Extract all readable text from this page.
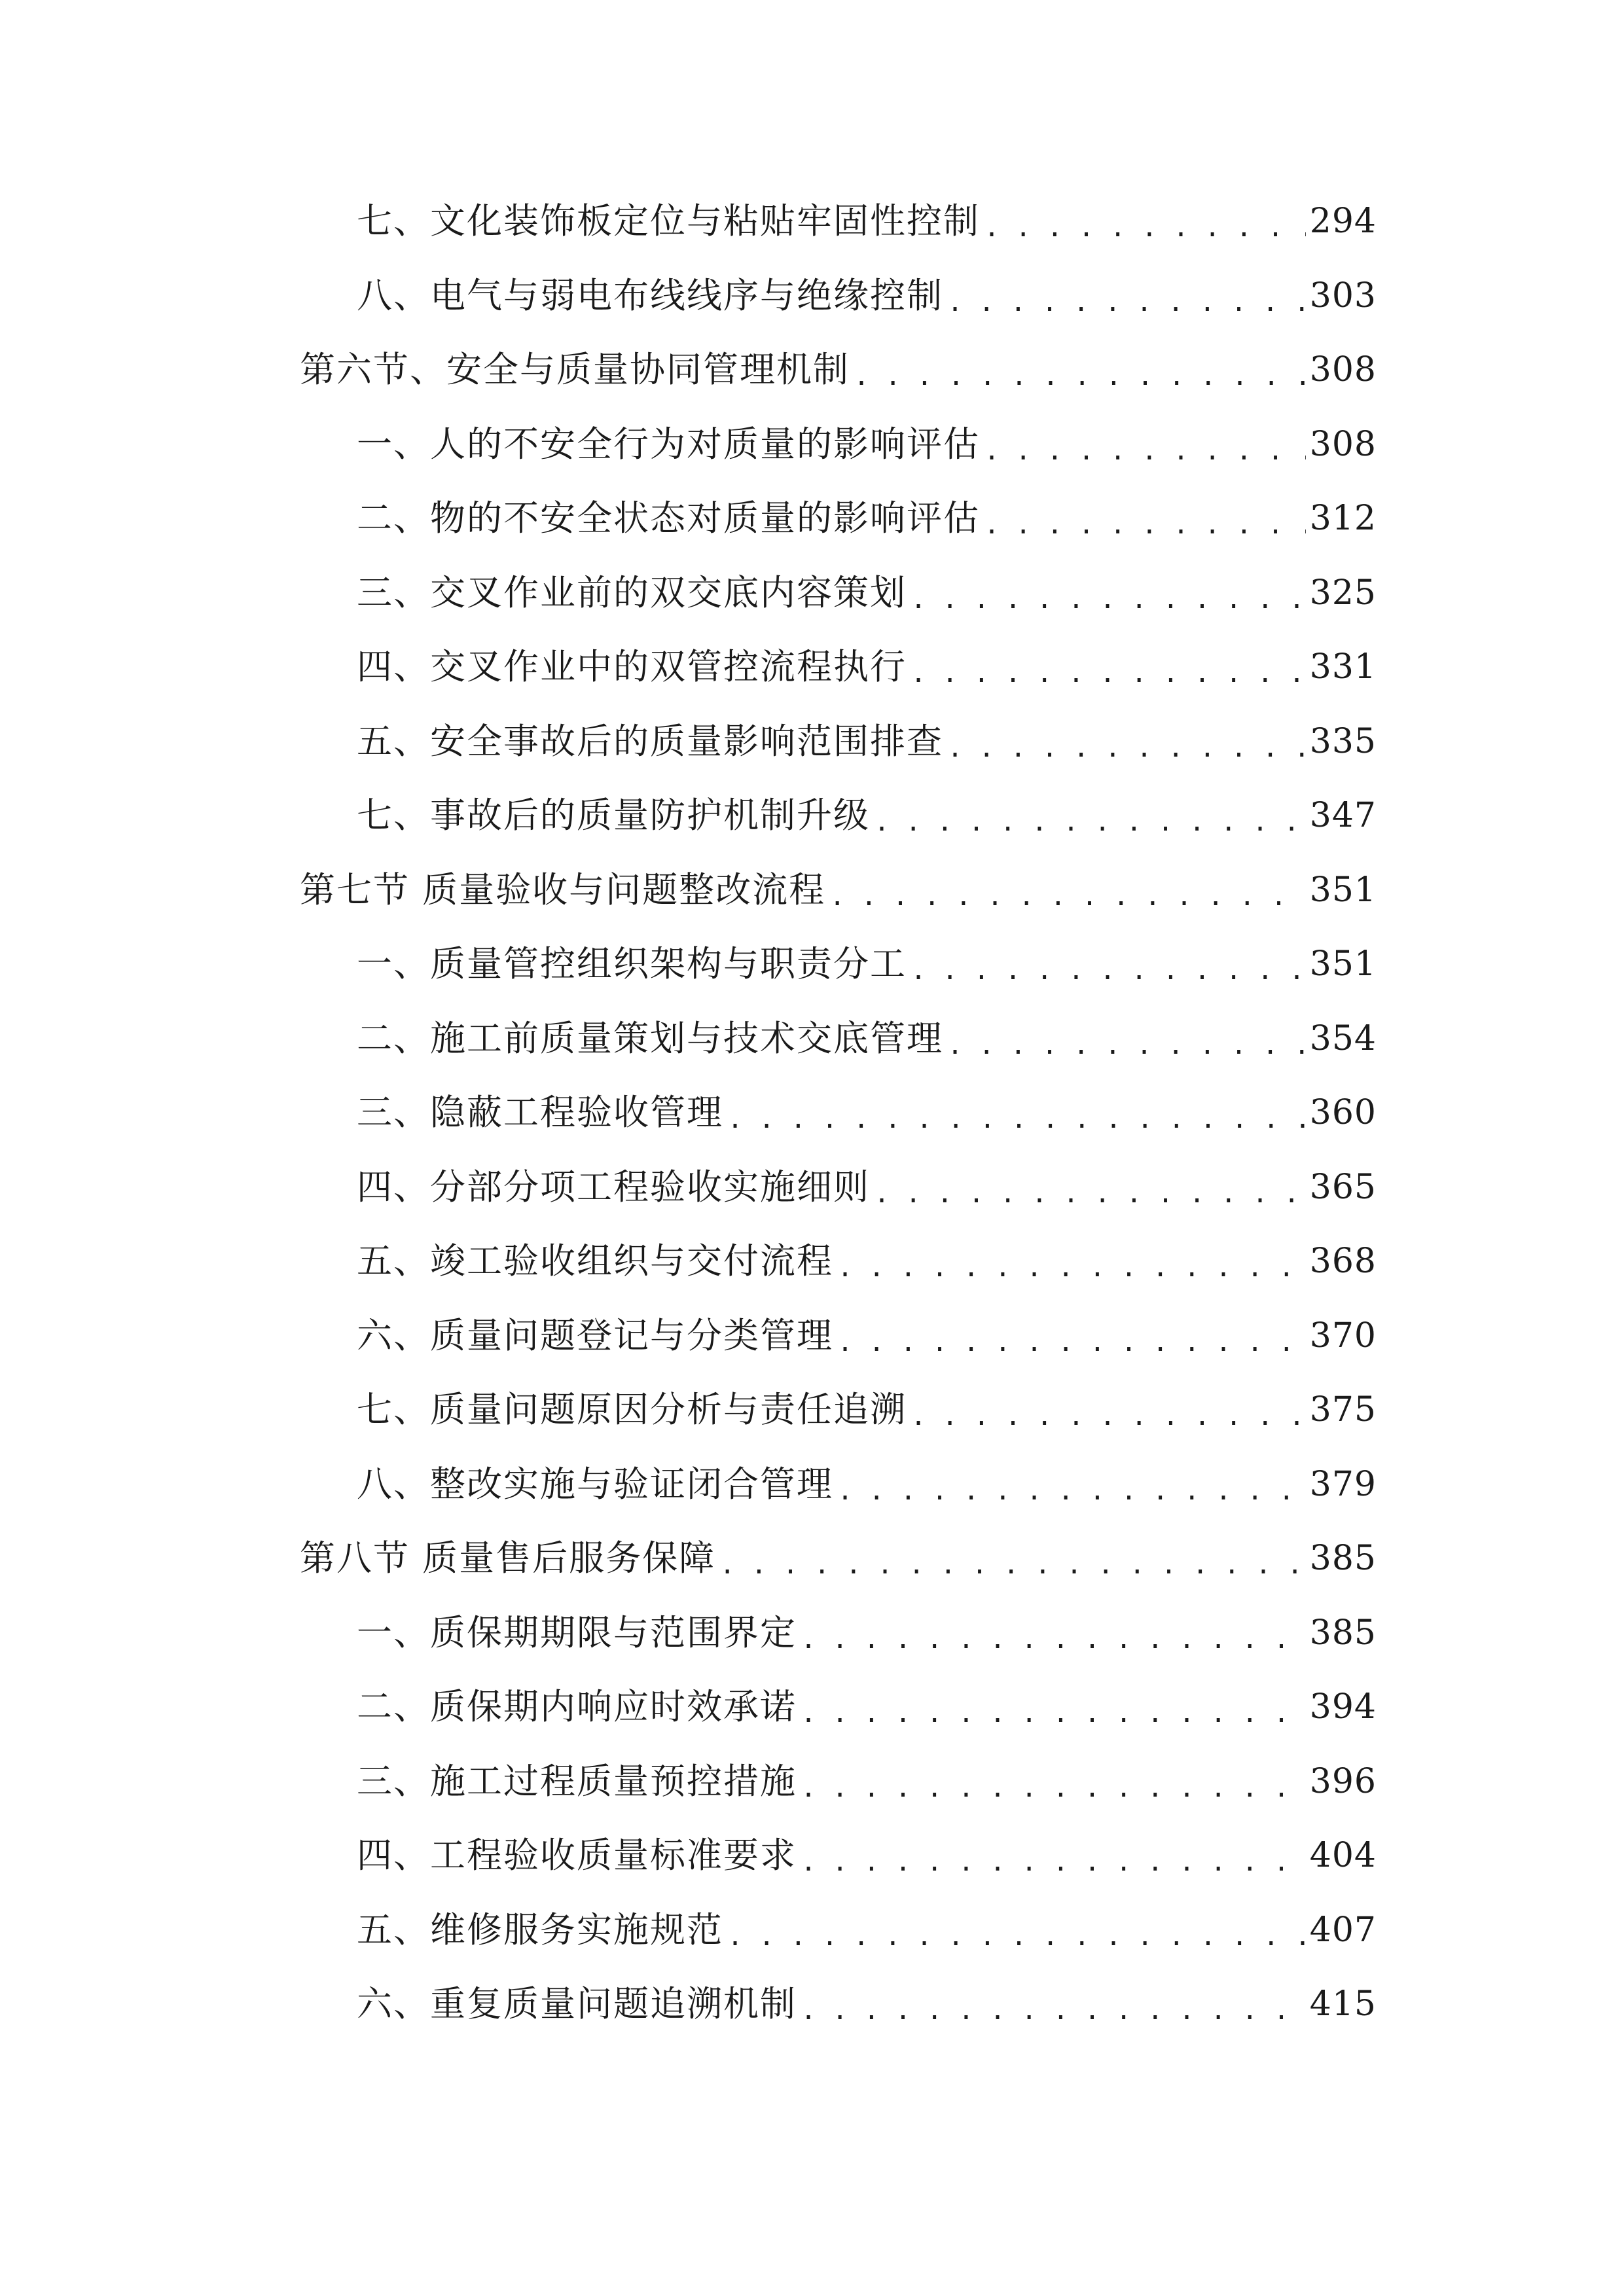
七、文化装饰板定位与粘贴牢固性控制 . . .	294
八、电气与弱电布线线序与绝缘控制 . . .	303
第六节、安全与质量协同管理机制 . . .	308
一、人的不安全行为对质量的影响评估 . . .	308
二、物的不安全状态对质量的影响评估 . . .	312
三、交叉作业前的双交底内容策划 . . .	325
四、交叉作业中的双管控流程执行 . . .	331
五、安全事故后的质量影响范围排查 . . .	335
七、事故后的质量防护机制升级 . . .	347
第七节 质量验收与问题整改流程 . . .	351
一、质量管控组织架构与职责分工 . . .	351
二、施工前质量策划与技术交底管理 . . .	354
三、隐蔽工程验收管理 . . .	360
四、分部分项工程验收实施细则 . . .	365
五、竣工验收组织与交付流程 . . .	368
六、质量问题登记与分类管理 . . .	370
七、质量问题原因分析与责任追溯 . . .	375
八、整改实施与验证闭合管理 . . .	379
第八节 质量售后服务保障 . . .	385
一、质保期期限与范围界定 . . .	385
二、质保期内响应时效承诺 . . .	394
三、施工过程质量预控措施 . . .	396
四、工程验收质量标准要求 . . .	404
五、维修服务实施规范 . . .	407
六、重复质量问题追溯机制 . . .	415
